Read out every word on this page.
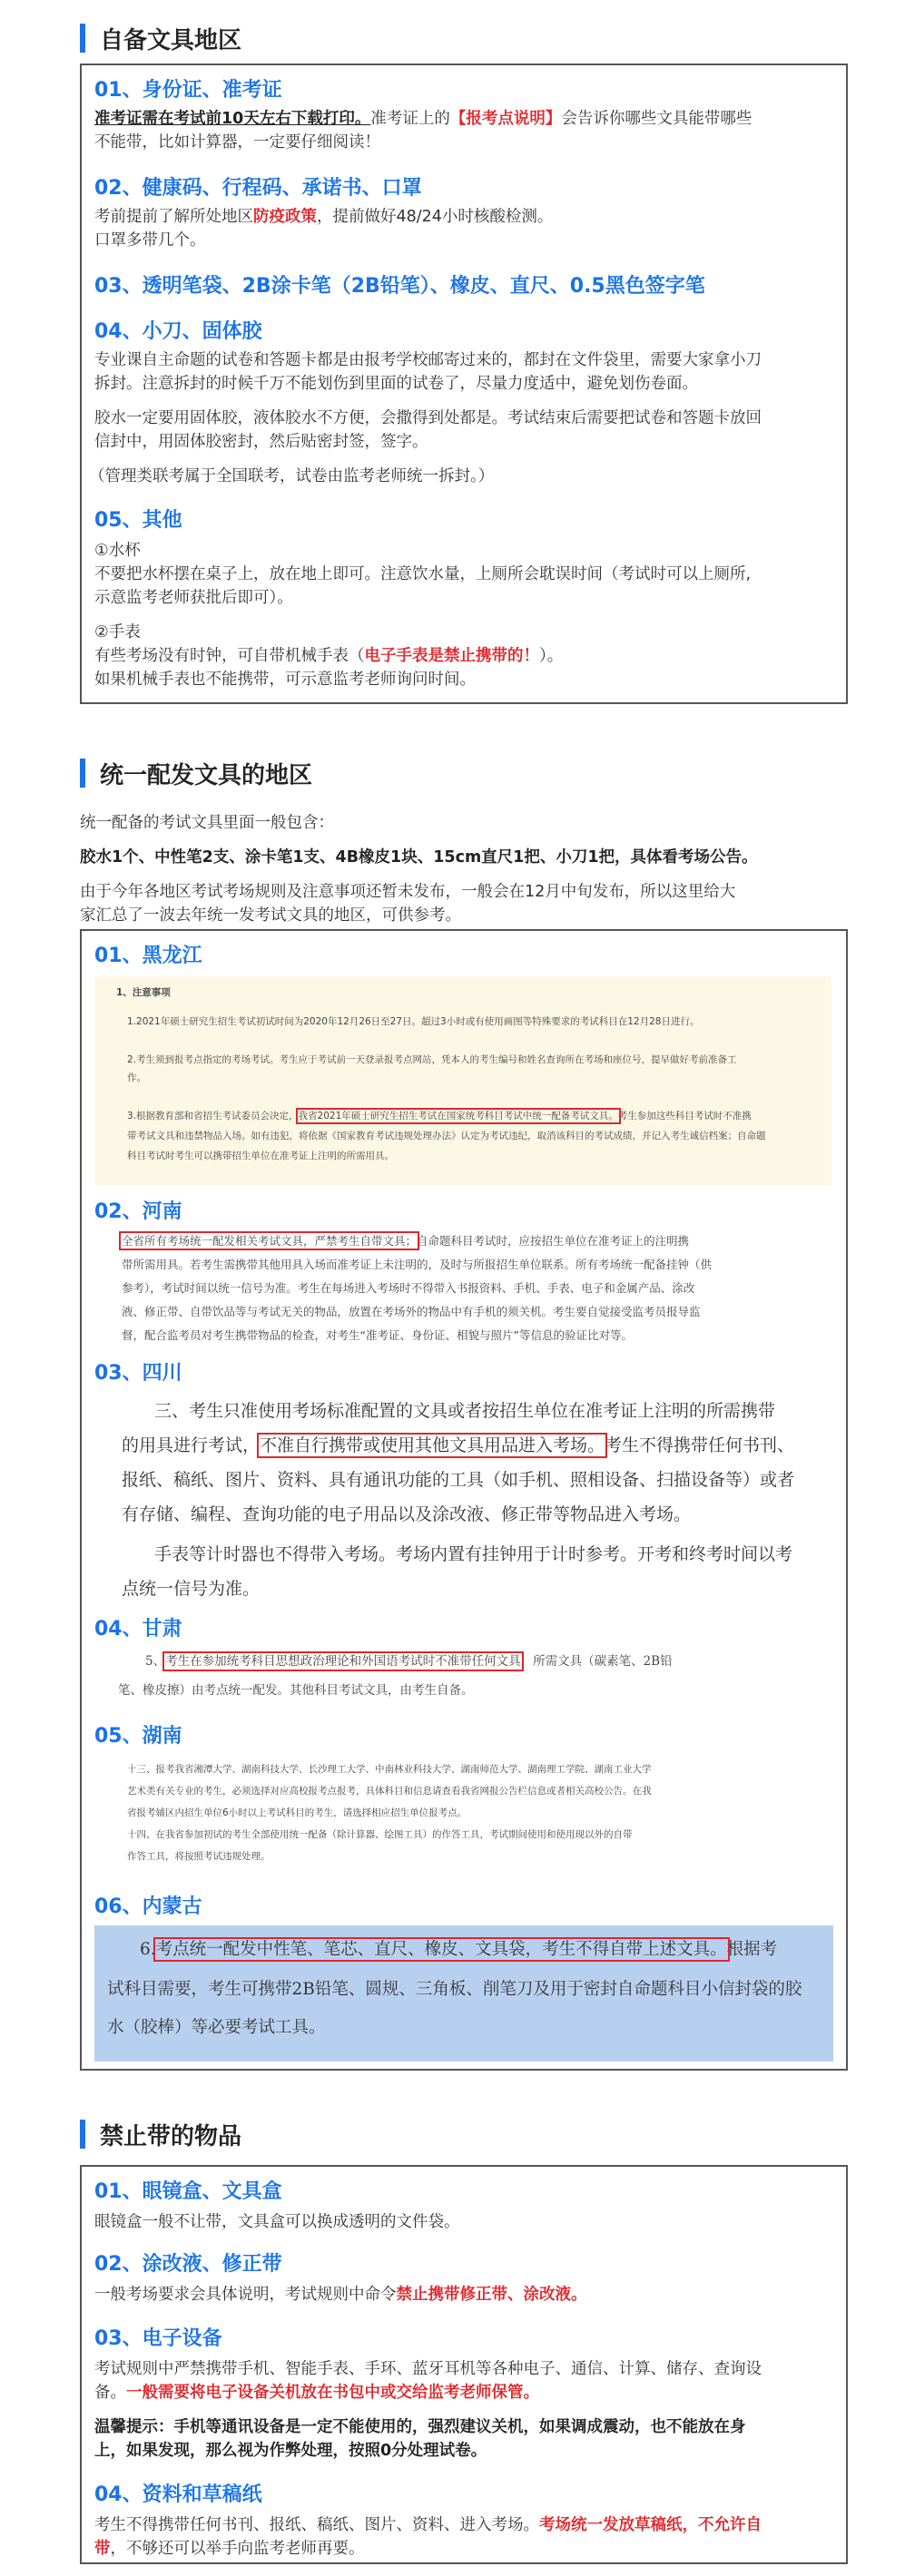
自备文具地区
01、身份证、准考证
准考证需在考试前10天左右下载打印。准考证上的【报考点说明】会告诉你哪些文具能带哪些
不能带，比如计算器，一定要仔细阅读！
02、健康码、行程码、承诺书、口罩
考前提前了解所处地区防疫政策，提前做好48/24小时核酸检测。
口罩多带几个。
03、透明笔袋、2B涂卡笔（2B铅笔）、橡皮、直尺、0.5黑色签字笔
04、小刀、固体胶
专业课自主命题的试卷和答题卡都是由报考学校邮寄过来的，都封在文件袋里，需要大家拿小刀
拆封。注意拆封的时候千万不能划伤到里面的试卷了，尽量力度适中，避免划伤卷面。
胶水一定要用固体胶，液体胶水不方便，会撒得到处都是。考试结束后需要把试卷和答题卡放回
信封中，用固体胶密封，然后贴密封签，签字。
（管理类联考属于全国联考，试卷由监考老师统一拆封。）
05、其他
①水杯
不要把水杯摆在桌子上，放在地上即可。注意饮水量，上厕所会耽误时间（考试时可以上厕所,
示意监考老师获批后即可）。
②手表
有些考场没有时钟，可自带机械手表（电子手表是禁止携带的！）。
如果机械手表也不能携带，可示意监考老师询问时间。
统一配发文具的地区
统一配备的考试文具里面一般包含：
胶水1个、中性笔2支、涂卡笔1支、4B橡皮1块、15cm直尺1把、小刀1把，具体看考场公告。
由于今年各地区考试考场规则及注意事项还暂未发布，一般会在12月中旬发布，所以这里给大
家汇总了一波去年统一发考试文具的地区，可供参考。
01、黑龙江
1、注意事项
1.2021年硕士研究生招生考试初试时间为2020年12月26日至27日。超过3小时或有使用画图等特殊要求的考试科目在12月28日进行。
2.考生须到报考点指定的考场考试。考生应于考试前一天登录报考点网站，凭本人的考生编号和姓名查询所在考场和座位号，提早做好考前准备工
作。
3.根据教育部和省招生考试委员会决定，我省2021年硕士研究生招生考试在国家统考科目考试中统一配备考试文具。考生参加这些科目考试时不准携
带考试文具和违禁物品入场。如有违犯，将依据《国家教育考试违规处理办法》认定为考试违纪，取消该科目的考试成绩，并记入考生诚信档案；自命题
科目考试时考生可以携带招生单位在准考证上注明的所需用具。
02、河南
全省所有考场统一配发相关考试文具，严禁考生自带文具；自命题科目考试时，应按招生单位在准考证上的注明携
带所需用具。若考生需携带其他用具入场而准考证上未注明的，及时与所报招生单位联系。所有考场统一配备挂钟（供
参考），考试时间以统一信号为准。考生在每场进入考场时不得带入书报资料、手机、手表、电子和金属产品、涂改
液、修正带、自带饮品等与考试无关的物品，放置在考场外的物品中有手机的须关机。考生要自觉接受监考员报导监
督，配合监考员对考生携带物品的检查，对考生“准考证、身份证、相貌与照片”等信息的验证比对等。
03、四川
三、考生只准使用考场标准配置的文具或者按招生单位在准考证上注明的所需携带
的用具进行考试，不准自行携带或使用其他文具用品进入考场。考生不得携带任何书刊、
报纸、稿纸、图片、资料、具有通讯功能的工具（如手机、照相设备、扫描设备等）或者
有存储、编程、查询功能的电子用品以及涂改液、修正带等物品进入考场。
手表等计时器也不得带入考场。考场内置有挂钟用于计时参考。开考和终考时间以考
点统一信号为准。
04、甘肃
5、考生在参加统考科目思想政治理论和外国语考试时不准带任何文具，所需文具（碳素笔、2B铅
笔、橡皮擦）由考点统一配发。其他科目考试文具，由考生自备。
05、湖南
十三、报考我省湘潭大学、湖南科技大学、长沙理工大学、中南林业科技大学、湖南师范大学、湖南理工学院、湖南工业大学
艺术类有关专业的考生，必须选择对应高校报考点报考，具体科目和信息请查看我省网报公告栏信息或者相关高校公告。在我
省报考辅区内招生单位6小时以上考试科目的考生，请选择相应招生单位报考点。
十四、在我省参加初试的考生全部使用统一配备（除计算器、绘图工具）的作答工具，考试期间使用和使用现以外的自带
作答工具，将按照考试违规处理。
06、内蒙古
6.考点统一配发中性笔、笔芯、直尺、橡皮、文具袋，考生不得自带上述文具。根据考
试科目需要，考生可携带2B铅笔、圆规、三角板、削笔刀及用于密封自命题科目小信封袋的胶
水（胶棒）等必要考试工具。
禁止带的物品
01、眼镜盒、文具盒
眼镜盒一般不让带，文具盒可以换成透明的文件袋。
02、涂改液、修正带
一般考场要求会具体说明，考试规则中命令禁止携带修正带、涂改液。
03、电子设备
考试规则中严禁携带手机、智能手表、手环、蓝牙耳机等各种电子、通信、计算、储存、查询设
备。一般需要将电子设备关机放在书包中或交给监考老师保管。
温馨提示：手机等通讯设备是一定不能使用的，强烈建议关机，如果调成震动，也不能放在身
上，如果发现，那么视为作弊处理，按照0分处理试卷。
04、资料和草稿纸
考生不得携带任何书刊、报纸、稿纸、图片、资料、进入考场。考场统一发放草稿纸，不允许自
带，不够还可以举手向监考老师再要。
